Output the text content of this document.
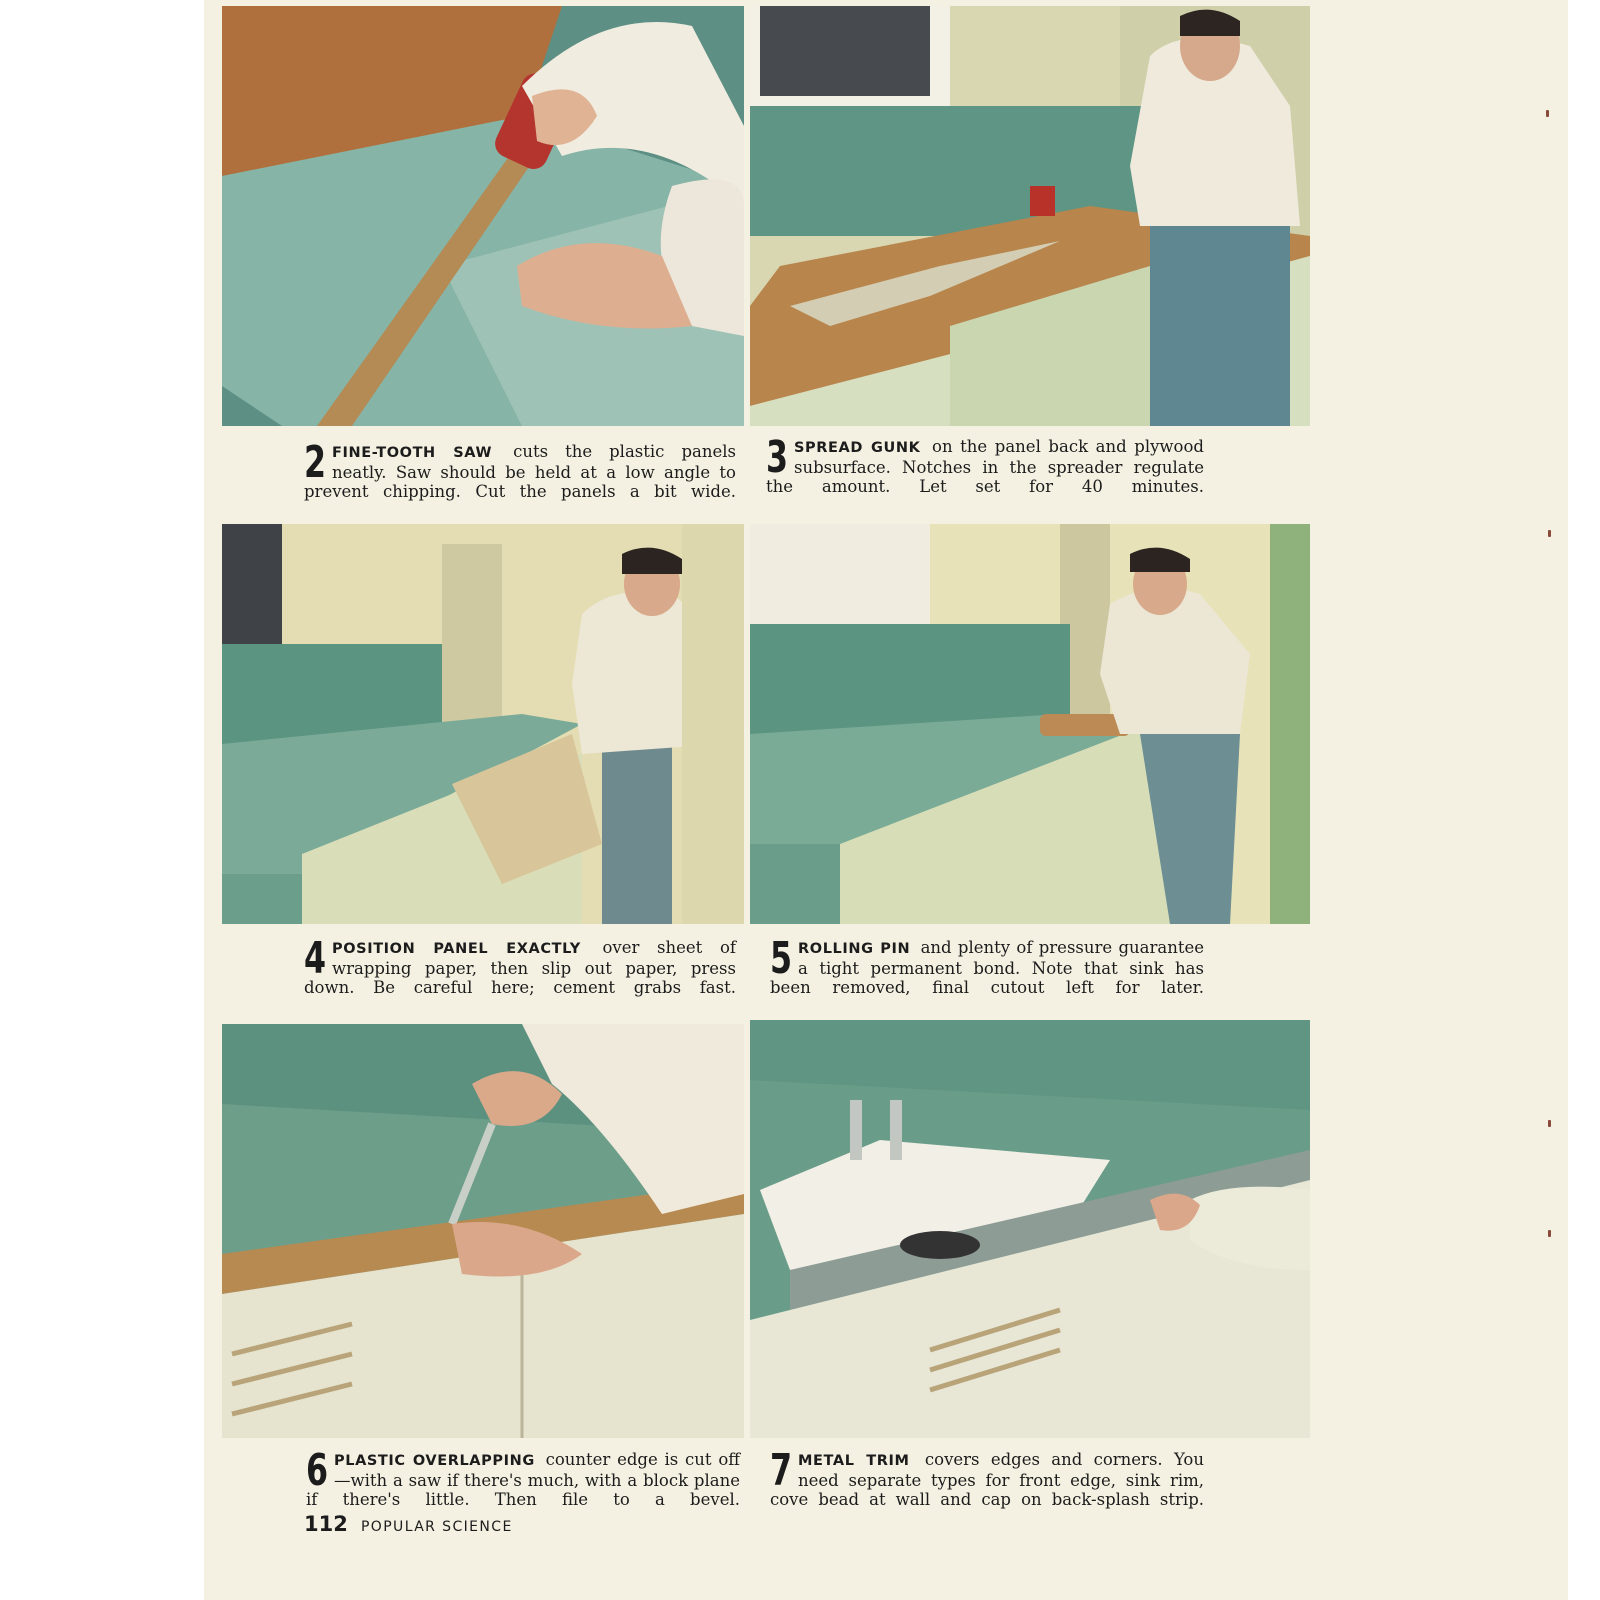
2 FINE-TOOTH SAW cuts the plastic panels neatly. Saw should be held at a low angle to prevent chipping. Cut the panels a bit wide.
3 SPREAD GUNK on the panel back and plywood subsurface. Notches in the spreader regulate the amount. Let set for 40 minutes.
4 POSITION PANEL EXACTLY over sheet of wrapping paper, then slip out paper, press down. Be careful here; cement grabs fast.
5 ROLLING PIN and plenty of pressure guarantee a tight permanent bond. Note that sink has been removed, final cutout left for later.
6 PLASTIC OVERLAPPING counter edge is cut off—with a saw if there's much, with a block plane if there's little. Then file to a bevel.
7 METAL TRIM covers edges and corners. You need separate types for front edge, sink rim, cove bead at wall and cap on back-splash strip.
112 POPULAR SCIENCE
